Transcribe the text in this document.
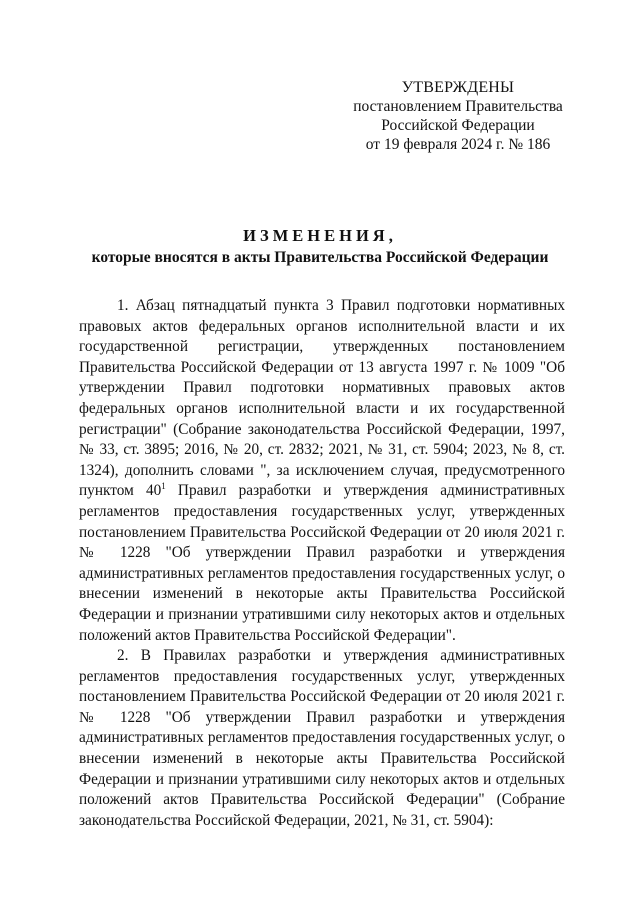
УТВЕРЖДЕНЫ
постановлением Правительства
Российской Федерации
от 19 февраля 2024 г. № 186
ИЗМЕНЕНИЯ,
которые вносятся в акты Правительства Российской Федерации

1. Абзац пятнадцатый пункта 3 Правил подготовки нормативных правовых актов федеральных органов исполнительной власти и их государственной регистрации, утвержденных постановлением Правительства Российской Федерации от 13 августа 1997 г. № 1009 "Об утверждении Правил подготовки нормативных правовых актов федеральных органов исполнительной власти и их государственной регистрации" (Собрание законодательства Российской Федерации, 1997, № 33, ст. 3895; 2016, № 20, ст. 2832; 2021, № 31, ст. 5904; 2023, № 8, ст. 1324), дополнить словами ", за исключением случая, предусмотренного пунктом $40^1$ Правил разработки и утверждения административных регламентов предоставления государственных услуг, утвержденных постановлением Правительства Российской Федерации от 20 июля 2021 г. № 1228 "Об утверждении Правил разработки и утверждения административных регламентов предоставления государственных услуг, о внесении изменений в некоторые акты Правительства Российской Федерации и признании утратившими силу некоторых актов и отдельных положений актов Правительства Российской Федерации".

2. В Правилах разработки и утверждения административных регламентов предоставления государственных услуг, утвержденных постановлением Правительства Российской Федерации от 20 июля 2021 г. № 1228 "Об утверждении Правил разработки и утверждения административных регламентов предоставления государственных услуг, о внесении изменений в некоторые акты Правительства Российской Федерации и признании утратившими силу некоторых актов и отдельных положений актов Правительства Российской Федерации" (Собрание законодательства Российской Федерации, 2021, № 31, ст. 5904):
